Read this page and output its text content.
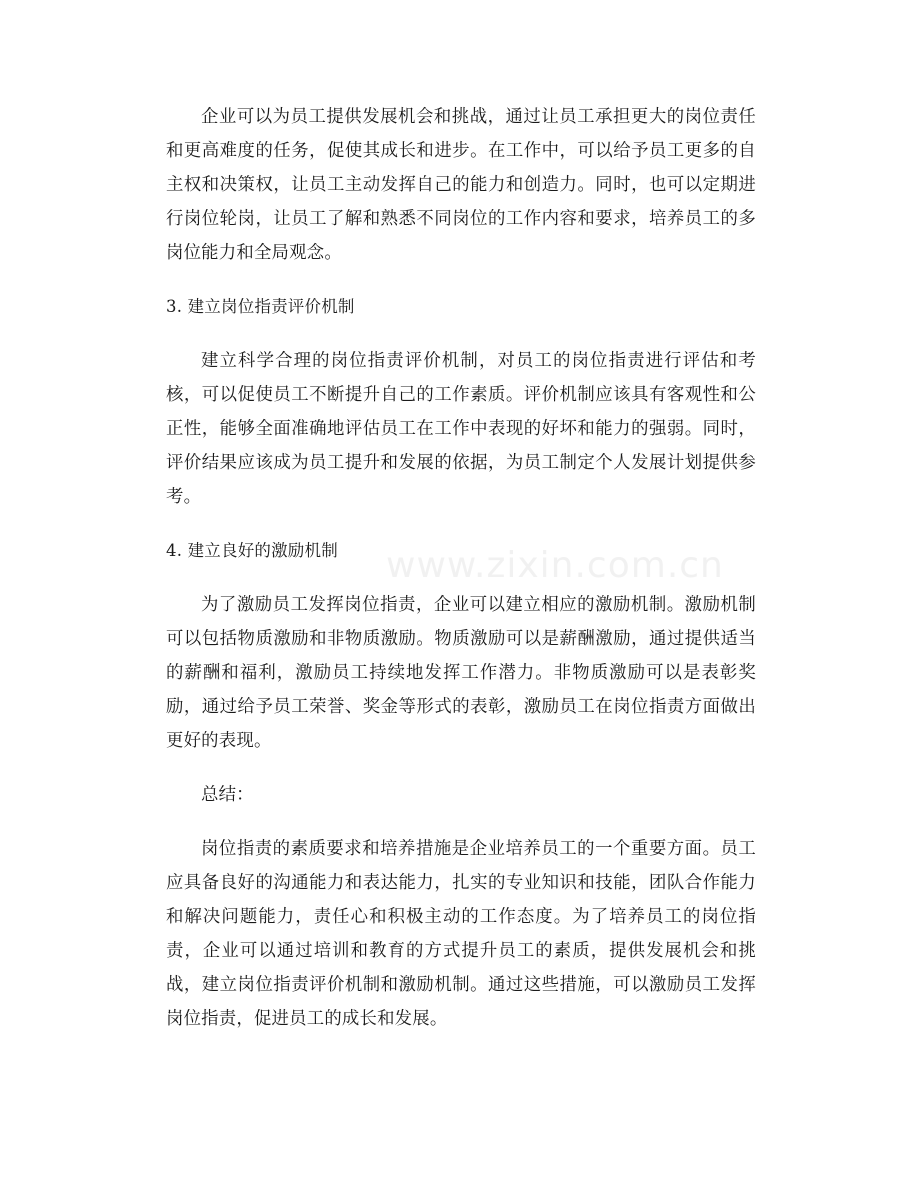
企业可以为员工提供发展机会和挑战，通过让员工承担更大的岗位责任和更高难度的任务，促使其成长和进步。在工作中，可以给予员工更多的自主权和决策权，让员工主动发挥自己的能力和创造力。同时，也可以定期进行岗位轮岗，让员工了解和熟悉不同岗位的工作内容和要求，培养员工的多岗位能力和全局观念。

3. 建立岗位指责评价机制

建立科学合理的岗位指责评价机制，对员工的岗位指责进行评估和考核，可以促使员工不断提升自己的工作素质。评价机制应该具有客观性和公正性，能够全面准确地评估员工在工作中表现的好坏和能力的强弱。同时，评价结果应该成为员工提升和发展的依据，为员工制定个人发展计划提供参考。

4. 建立良好的激励机制

为了激励员工发挥岗位指责，企业可以建立相应的激励机制。激励机制可以包括物质激励和非物质激励。物质激励可以是薪酬激励，通过提供适当的薪酬和福利，激励员工持续地发挥工作潜力。非物质激励可以是表彰奖励，通过给予员工荣誉、奖金等形式的表彰，激励员工在岗位指责方面做出更好的表现。

总结：

岗位指责的素质要求和培养措施是企业培养员工的一个重要方面。员工应具备良好的沟通能力和表达能力，扎实的专业知识和技能，团队合作能力和解决问题能力，责任心和积极主动的工作态度。为了培养员工的岗位指责，企业可以通过培训和教育的方式提升员工的素质，提供发展机会和挑战，建立岗位指责评价机制和激励机制。通过这些措施，可以激励员工发挥岗位指责，促进员工的成长和发展。

www.zixin.com.cn
